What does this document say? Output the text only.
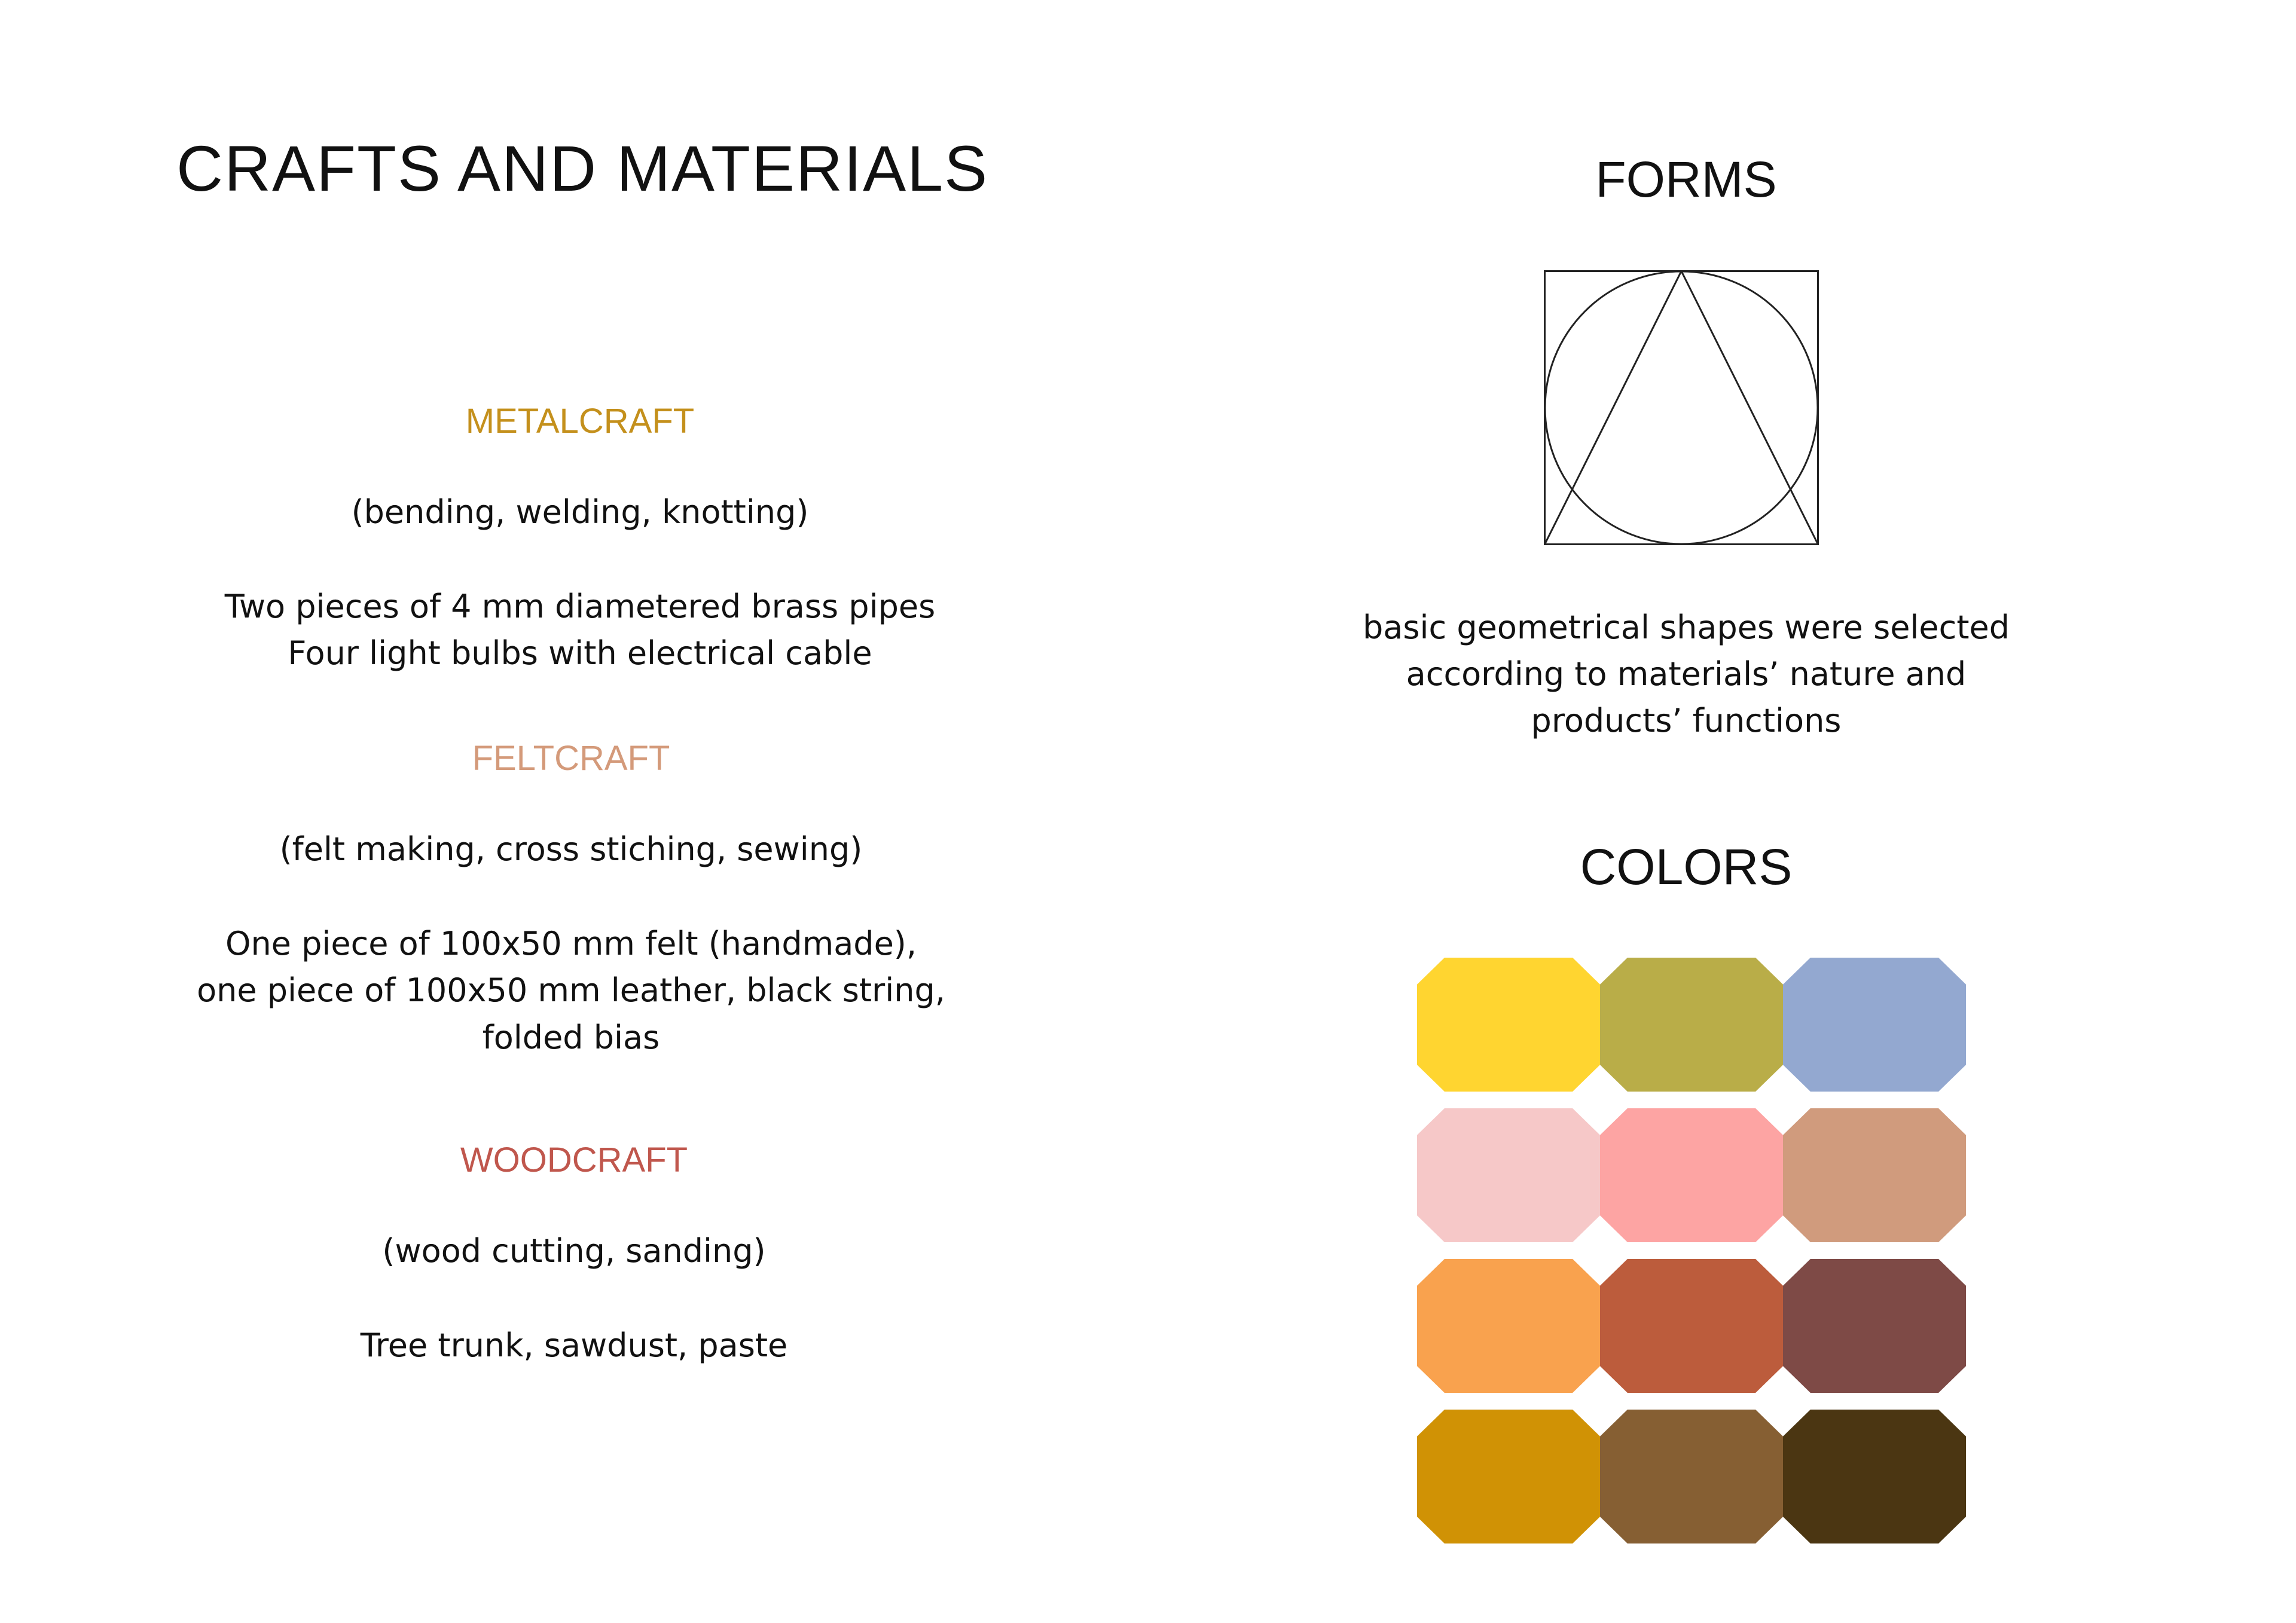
CRAFTS AND MATERIALS
METALCRAFT
(bending, welding, knotting)
Two pieces of 4 mm diametered brass pipes
Four light bulbs with electrical cable
FELTCRAFT
(felt making, cross stiching, sewing)
One piece of 100x50 mm felt (handmade),
one piece of 100x50 mm leather, black string,
folded bias
WOODCRAFT
(wood cutting, sanding)
Tree trunk, sawdust, paste
FORMS
basic geometrical shapes were selected
according to materials’ nature and
products’ functions
COLORS
